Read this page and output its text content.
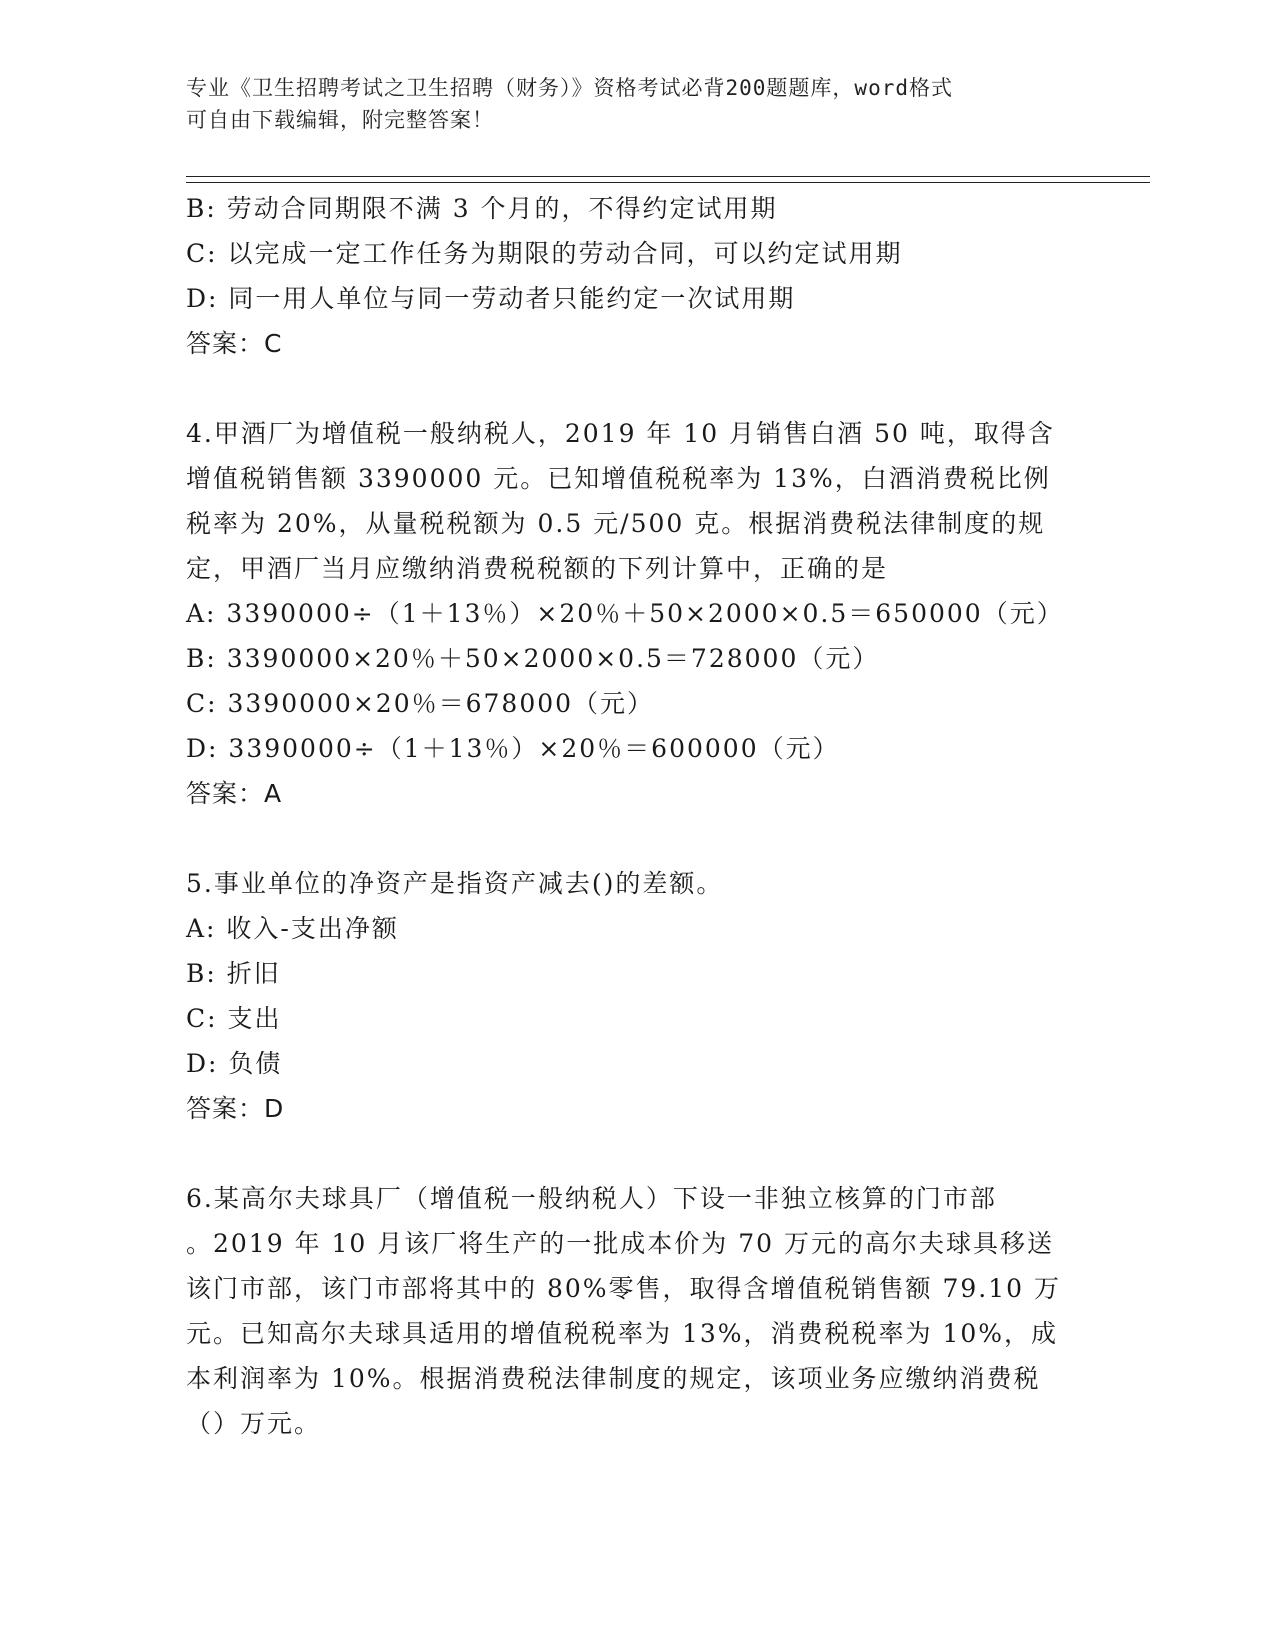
专业《卫生招聘考试之卫生招聘（财务）》资格考试必背200题题库，word格式
可自由下载编辑，附完整答案！
B: 劳动合同期限不满 3 个月的，不得约定试用期
C: 以完成一定工作任务为期限的劳动合同，可以约定试用期
D: 同一用人单位与同一劳动者只能约定一次试用期
答案：C
4.甲酒厂为增值税一般纳税人，2019 年 10 月销售白酒 50 吨，取得含
增值税销售额 3390000 元。已知增值税税率为 13%，白酒消费税比例
税率为 20%，从量税税额为 0.5 元/500 克。根据消费税法律制度的规
定，甲酒厂当月应缴纳消费税税额的下列计算中，正确的是
A: 3390000÷（1＋13％）×20％＋50×2000×0.5＝650000（元）
B: 3390000×20％＋50×2000×0.5＝728000（元）
C: 3390000×20％＝678000（元）
D: 3390000÷（1＋13％）×20％＝600000（元）
答案：A
5.事业单位的净资产是指资产减去()的差额。
A: 收入-支出净额
B: 折旧
C: 支出
D: 负债
答案：D
6.某高尔夫球具厂（增值税一般纳税人）下设一非独立核算的门市部
。2019 年 10 月该厂将生产的一批成本价为 70 万元的高尔夫球具移送
该门市部，该门市部将其中的 80%零售，取得含增值税销售额 79.10 万
元。已知高尔夫球具适用的增值税税率为 13%，消费税税率为 10%，成
本利润率为 10%。根据消费税法律制度的规定，该项业务应缴纳消费税
（）万元。
